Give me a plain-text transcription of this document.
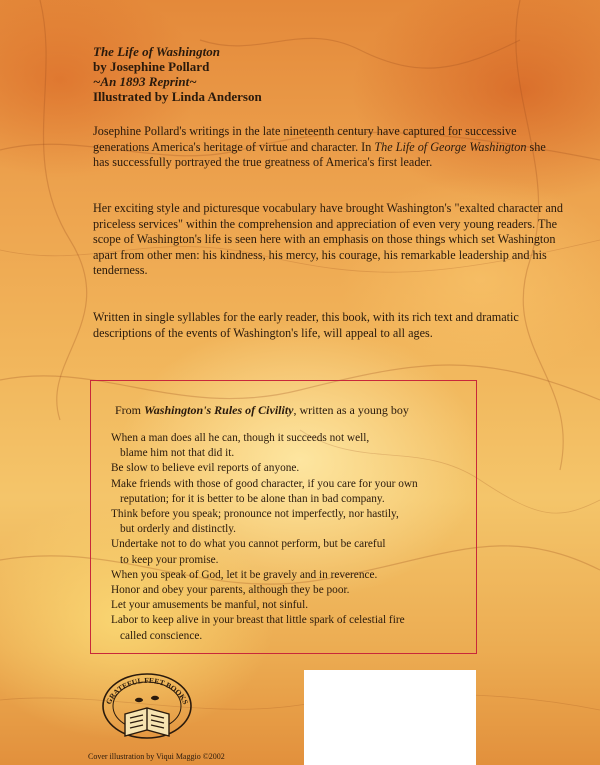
The Life of Washington
by Josephine Pollard
~An 1893 Reprint~
Illustrated by Linda Anderson
Josephine Pollard's writings in the late nineteenth century have captured for successive generations America's heritage of virtue and character. In The Life of George Washington she has successfully portrayed the true greatness of America's first leader.
Her exciting style and picturesque vocabulary have brought Washington's "exalted character and priceless services" within the comprehension and appreciation of even very young readers. The scope of Washington's life is seen here with an emphasis on those things which set Washington apart from other men: his kindness, his mercy, his courage, his remarkable leadership and his tenderness.
Written in single syllables for the early reader, this book, with its rich text and dramatic descriptions of the events of Washington's life, will appeal to all ages.
From Washington's Rules of Civility, written as a young boy

When a man does all he can, though it succeeds not well,
blame him not that did it.

Be slow to believe evil reports of anyone.

Make friends with those of good character, if you care for your own
reputation; for it is better to be alone than in bad company.

Think before you speak; pronounce not imperfectly, nor hastily,
but orderly and distinctly.

Undertake not to do what you cannot perform, but be careful
to keep your promise.

When you speak of God, let it be gravely and in reverence.

Honor and obey your parents, although they be poor.

Let your amusements be manful, not sinful.

Labor to keep alive in your breast that little spark of celestial fire
called conscience.

GRATEFUL FEET BOOKS
Cover illustration by Viqui Maggio ©2002
